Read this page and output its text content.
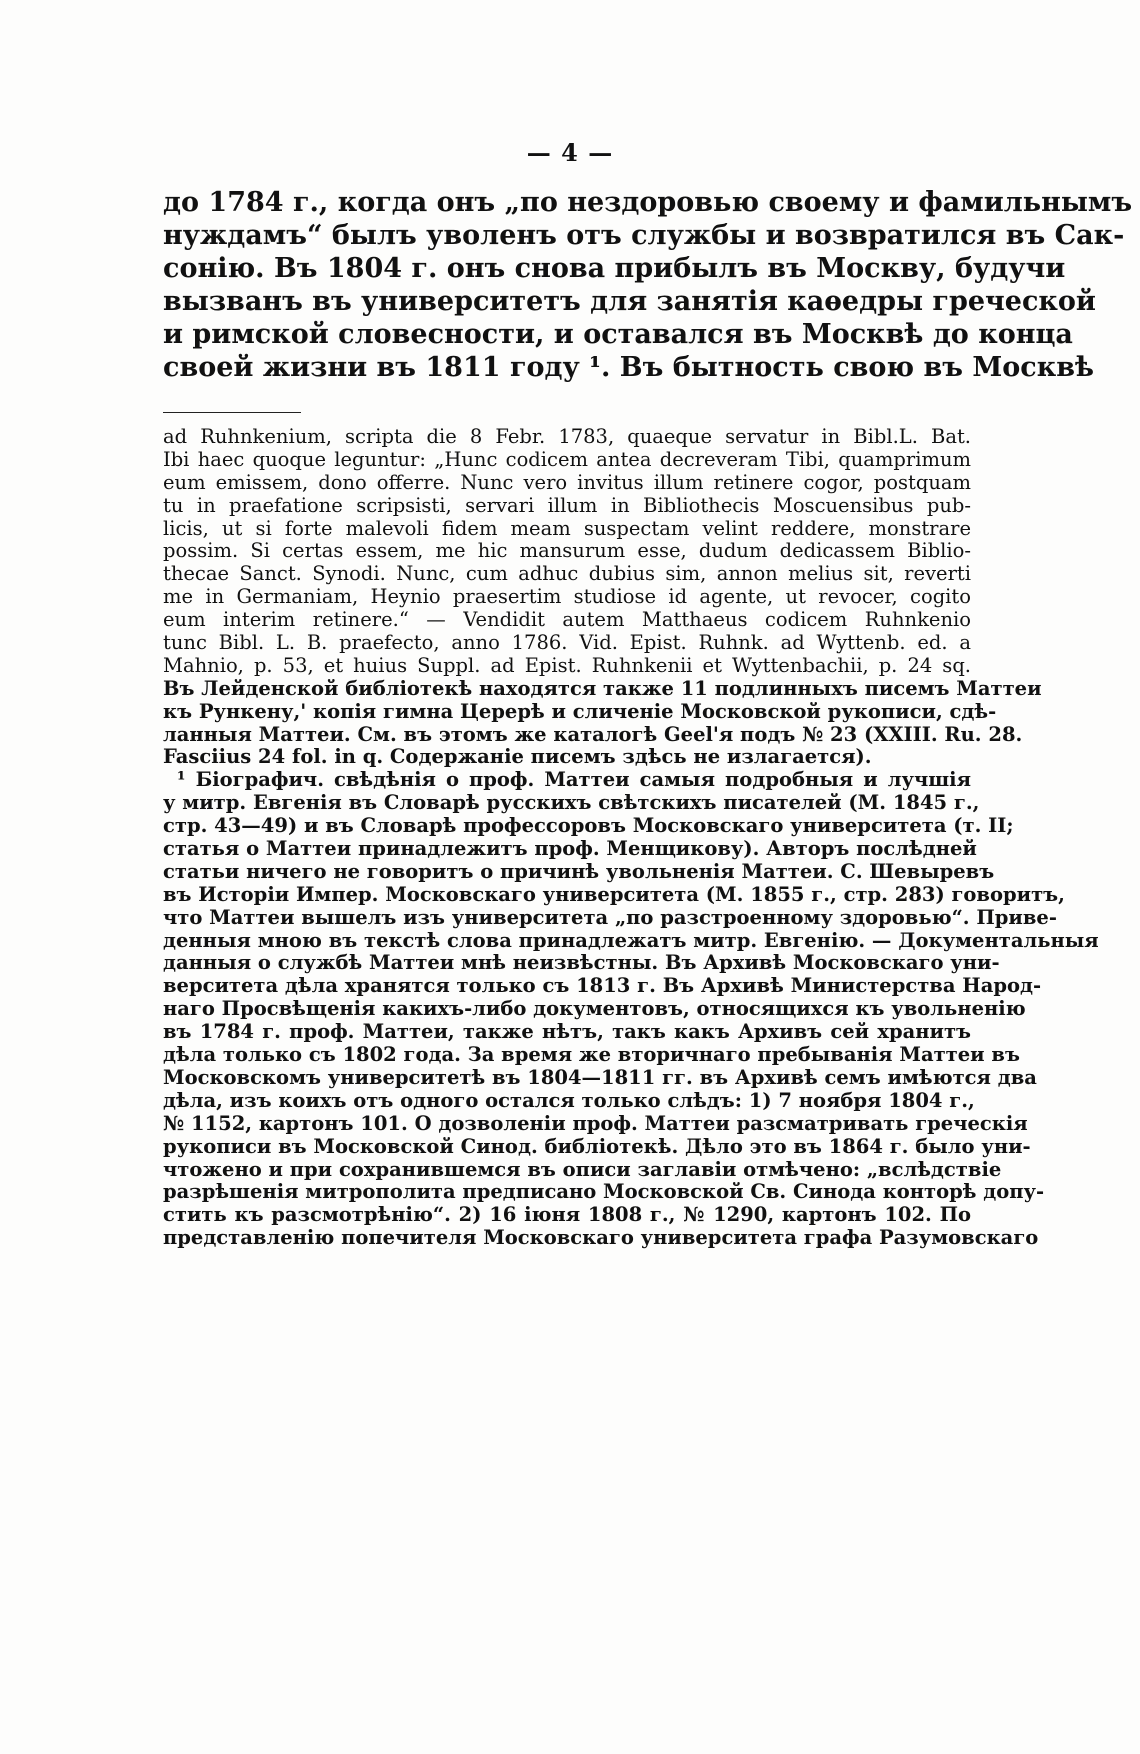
— 4 —
до 1784 г., когда онъ „по нездоровью своему и фамильнымъ
нуждамъ“ былъ уволенъ отъ службы и возвратился въ Сак-
сонію. Въ 1804 г. онъ снова прибылъ въ Москву, будучи
вызванъ въ университетъ для занятія каѳедры греческой
и римской словесности, и оставался въ Москвѣ до конца
своей жизни въ 1811 году ¹. Въ бытность свою въ Москвѣ
ad Ruhnkenium, scripta die 8 Febr. 1783, quaeque servatur in Bibl.L. Bat.
Ibi haec quoque leguntur: „Hunc codicem antea decreveram Tibi, quamprimum
eum emissem, dono offerre. Nunc vero invitus illum retinere cogor, postquam
tu in praefatione scripsisti, servari illum in Bibliothecis Moscuensibus pub-
licis, ut si forte malevoli fidem meam suspectam velint reddere, monstrare
possim. Si certas essem, me hic mansurum esse, dudum dedicassem Biblio-
thecae Sanct. Synodi. Nunc, cum adhuc dubius sim, annon melius sit, reverti
me in Germaniam, Heynio praesertim studiose id agente, ut revocer, cogito
eum interim retinere.“ — Vendidit autem Matthaeus codicem Ruhnkenio
tunc Bibl. L. B. praefecto, anno 1786. Vid. Epist. Ruhnk. ad Wyttenb. ed. a
Mahnio, p. 53, et huius Suppl. ad Epist. Ruhnkenii et Wyttenbachii, p. 24 sq.
Въ Лейденской библіотекѣ находятся также 11 подлинныхъ писемъ Маттеи
къ Рункену,' копія гимна Церерѣ и сличеніе Московской рукописи, сдѣ-
ланныя Маттеи. См. въ этомъ же каталогѣ Geel'я подъ № 23 (XXIII. Ru. 28.
Fasciius 24 fol. in q. Содержаніе писемъ здѣсь не излагается).
¹ Біографич. свѣдѣнія о проф. Маттеи самыя подробныя и лучшія
у митр. Евгенія въ Словарѣ русскихъ свѣтскихъ писателей (М. 1845 г.,
стр. 43—49) и въ Словарѣ профессоровъ Московскаго университета (т. II;
статья о Маттеи принадлежитъ проф. Менщикову). Авторъ послѣдней
статьи ничего не говоритъ о причинѣ увольненія Маттеи. С. Шевыревъ
въ Исторіи Импер. Московскаго университета (М. 1855 г., стр. 283) говоритъ,
что Маттеи вышелъ изъ университета „по разстроенному здоровью“. Приве-
денныя мною въ текстѣ слова принадлежатъ митр. Евгенію. — Документальныя
данныя о службѣ Маттеи мнѣ неизвѣстны. Въ Архивѣ Московскаго уни-
верситета дѣла хранятся только съ 1813 г. Въ Архивѣ Министерства Народ-
наго Просвѣщенія какихъ-либо документовъ, относящихся къ увольненію
въ 1784 г. проф. Маттеи, также нѣтъ, такъ какъ Архивъ сей хранитъ
дѣла только съ 1802 года. За время же вторичнаго пребыванія Маттеи въ
Московскомъ университетѣ въ 1804—1811 гг. въ Архивѣ семъ имѣются два
дѣла, изъ коихъ отъ одного остался только слѣдъ: 1) 7 ноября 1804 г.,
№ 1152, картонъ 101. О дозволеніи проф. Маттеи разсматривать греческія
рукописи въ Московской Синод. библіотекѣ. Дѣло это въ 1864 г. было уни-
чтожено и при сохранившемся въ описи заглавіи отмѣчено: „вслѣдствіе
разрѣшенія митрополита предписано Московской Св. Синода конторѣ допу-
стить къ разсмотрѣнію“. 2) 16 іюня 1808 г., № 1290, картонъ 102. По
представленію попечителя Московскаго университета графа Разумовскаго
